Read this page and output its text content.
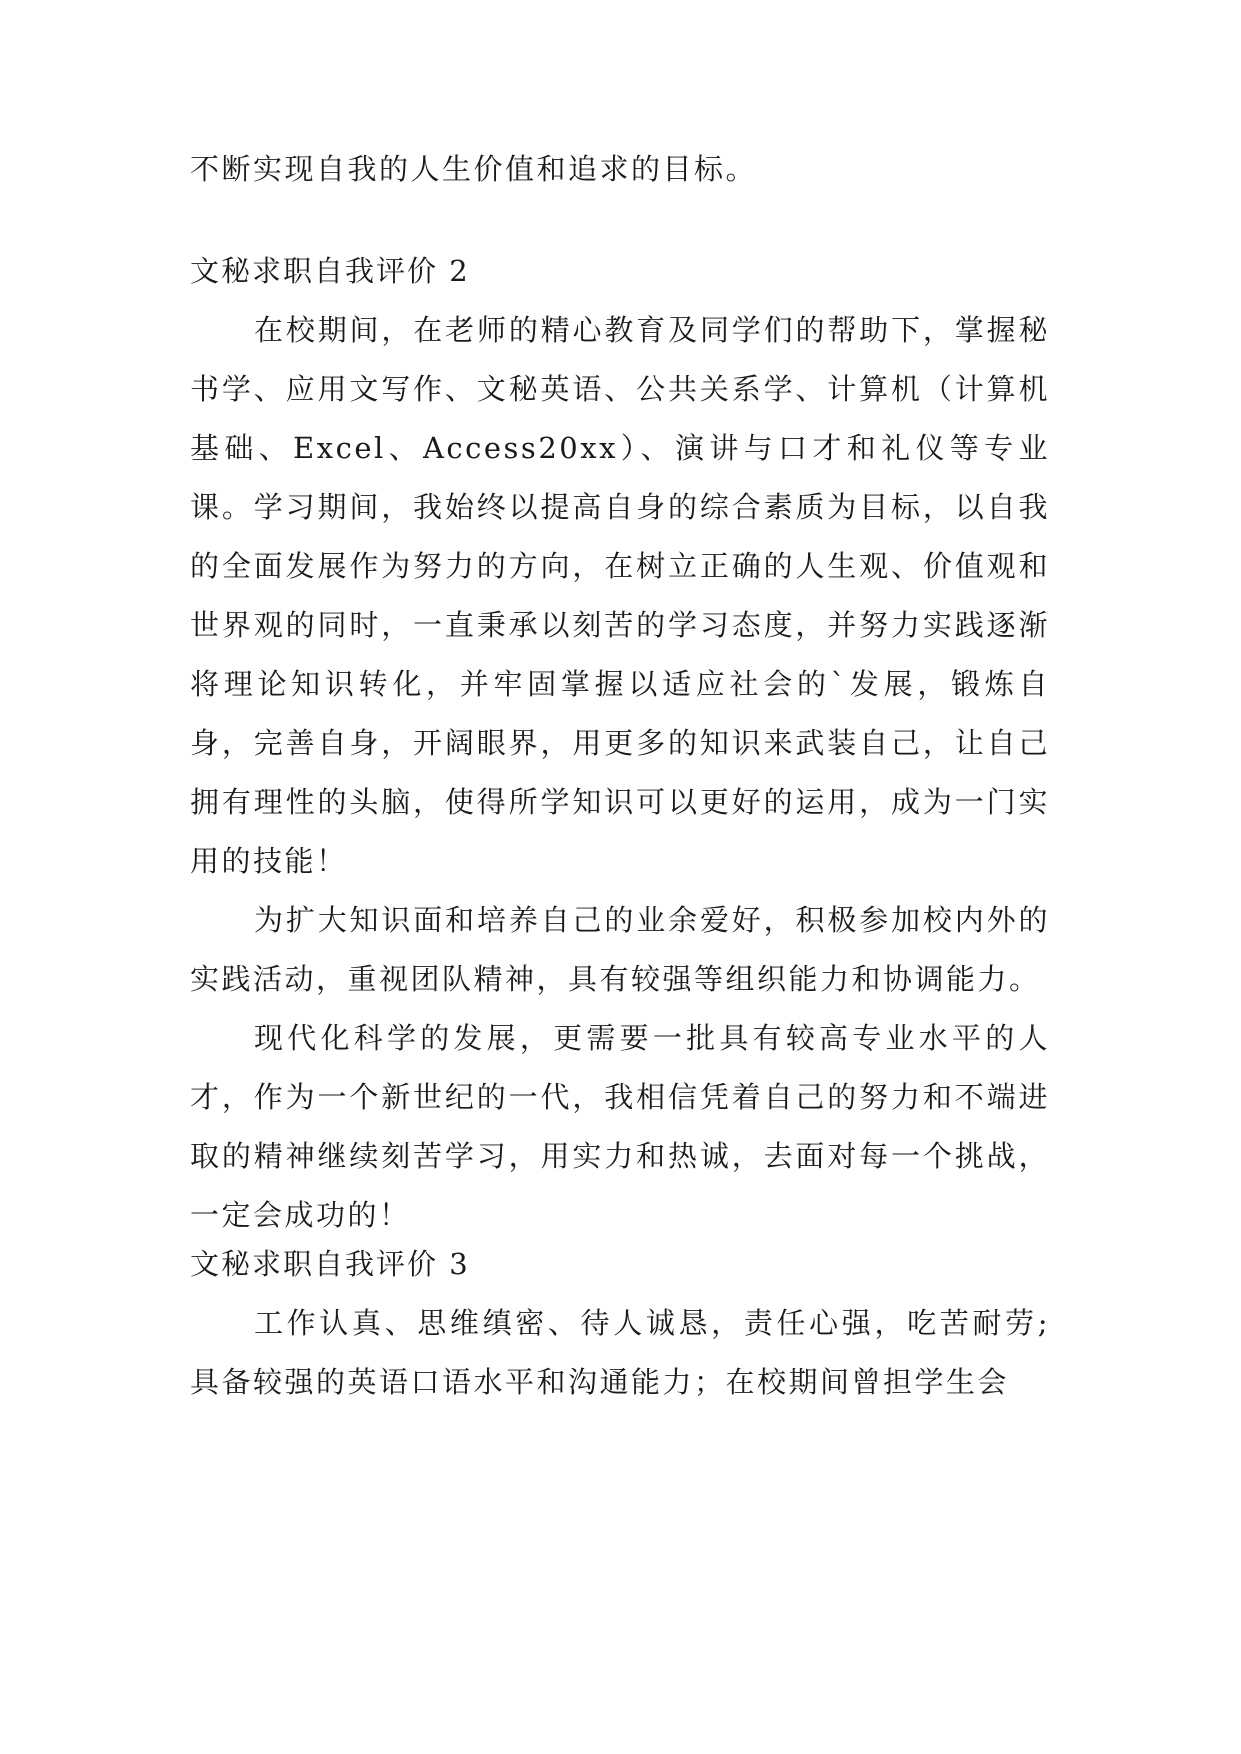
不断实现自我的人生价值和追求的目标。

文秘求职自我评价 2

在校期间，在老师的精心教育及同学们的帮助下，掌握秘书学、应用文写作、文秘英语、公共关系学、计算机（计算机基础、Excel、Access20xx）、演讲与口才和礼仪等专业课。学习期间，我始终以提高自身的综合素质为目标，以自我的全面发展作为努力的方向，在树立正确的人生观、价值观和世界观的同时，一直秉承以刻苦的学习态度，并努力实践逐渐将理论知识转化，并牢固掌握以适应社会的`发展，锻炼自身，完善自身，开阔眼界，用更多的知识来武装自己，让自己拥有理性的头脑，使得所学知识可以更好的运用，成为一门实用的技能！

为扩大知识面和培养自己的业余爱好，积极参加校内外的实践活动，重视团队精神，具有较强等组织能力和协调能力。

现代化科学的发展，更需要一批具有较高专业水平的人才，作为一个新世纪的一代，我相信凭着自己的努力和不端进取的精神继续刻苦学习，用实力和热诚，去面对每一个挑战，一定会成功的！

文秘求职自我评价 3

工作认真、思维缜密、待人诚恳，责任心强，吃苦耐劳;具备较强的英语口语水平和沟通能力；在校期间曾担学生会
